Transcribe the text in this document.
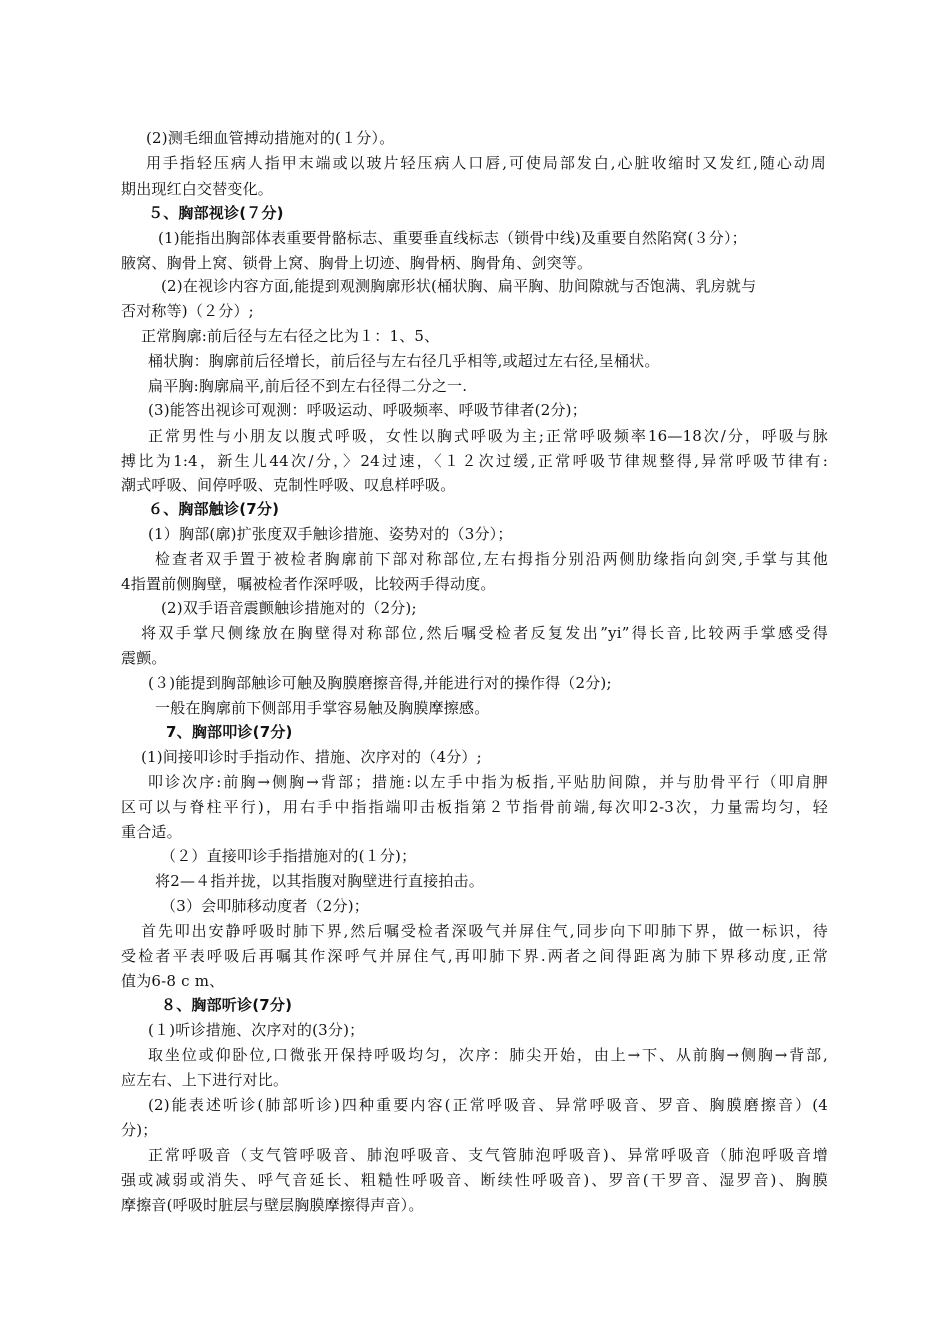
(2)测毛细血管搏动措施对的(１分）。
用手指轻压病人指甲末端或以玻片轻压病人口唇,可使局部发白,心脏收缩时又发红,随心动周
期出现红白交替变化。
５、胸部视诊(７分)
(1)能指出胸部体表重要骨骼标志、重要垂直线标志（锁骨中线)及重要自然陷窝(３分）；
腋窝、胸骨上窝、锁骨上窝、胸骨上切迹、胸骨柄、胸骨角、剑突等。
(2)在视诊内容方面,能提到观测胸廓形状(桶状胸、扁平胸、肋间隙就与否饱满、乳房就与
否对称等)（２分）;
正常胸廓:前后径与左右径之比为１：1、5、
桶状胸：胸廓前后径增长，前后径与左右径几乎相等,或超过左右径,呈桶状。
扁平胸:胸廓扁平,前后径不到左右径得二分之一.
(3)能答出视诊可观测：呼吸运动、呼吸频率、呼吸节律者(2分)；
正常男性与小朋友以腹式呼吸，女性以胸式呼吸为主;正常呼吸频率16—18次/分，呼吸与脉
搏比为1:4，新生儿44次/分，〉24过速，〈１２次过缓,正常呼吸节律规整得,异常呼吸节律有:
潮式呼吸、间停呼吸、克制性呼吸、叹息样呼吸。
６、胸部触诊(7分)
(1）胸部(廓)扩张度双手触诊措施、姿势对的（3分）；
检查者双手置于被检者胸廓前下部对称部位,左右拇指分别沿两侧肋缘指向剑突,手掌与其他
4指置前侧胸壁，嘱被检者作深呼吸，比较两手得动度。
(2)双手语音震颤触诊措施对的（2分);
将双手掌尺侧缘放在胸壁得对称部位,然后嘱受检者反复发出”yi”得长音,比较两手掌感受得
震颤。
(３)能提到胸部触诊可触及胸膜磨擦音得,并能进行对的操作得（2分);
一般在胸廓前下侧部用手掌容易触及胸膜摩擦感。
7、胸部叩诊(7分)
(1)间接叩诊时手指动作、措施、次序对的（4分）;
叩诊次序:前胸→侧胸→背部；措施:以左手中指为板指,平贴肋间隙，并与肋骨平行（叩肩胛
区可以与脊柱平行)，用右手中指指端叩击板指第２节指骨前端,每次叩2-3次，力量需均匀，轻
重合适。
（２）直接叩诊手指措施对的(１分)；
将2—４指并拢，以其指腹对胸壁进行直接拍击。
（3）会叩肺移动度者（2分)；
首先叩出安静呼吸时肺下界,然后嘱受检者深吸气并屏住气,同步向下叩肺下界，做一标识，待
受检者平表呼吸后再嘱其作深呼气并屏住气,再叩肺下界.两者之间得距离为肺下界移动度,正常
值为6-8 c m、
８、胸部听诊(7分)
(１)听诊措施、次序对的(3分)；
取坐位或仰卧位,口微张开保持呼吸均匀，次序：肺尖开始，由上→下、从前胸→侧胸→背部,
应左右、上下进行对比。
(2)能表述听诊(肺部听诊)四种重要内容(正常呼吸音、异常呼吸音、罗音、胸膜磨擦音）(4
分)；
正常呼吸音（支气管呼吸音、肺泡呼吸音、支气管肺泡呼吸音)、异常呼吸音（肺泡呼吸音增
强或减弱或消失、呼气音延长、粗糙性呼吸音、断续性呼吸音)、罗音(干罗音、湿罗音)、胸膜
摩擦音(呼吸时脏层与壁层胸膜摩擦得声音）。
